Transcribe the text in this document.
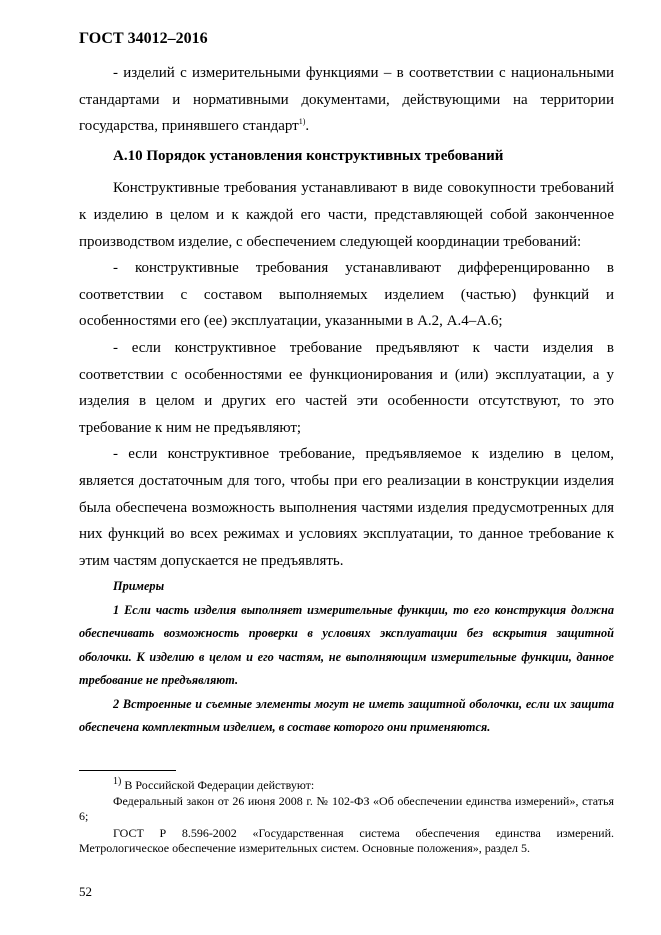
ГОСТ 34012–2016

- изделий с измерительными функциями – в соответствии с национальными стандартами и нормативными документами, действующими на территории государства, принявшего стандарт$^{1)}$.

А.10 Порядок установления конструктивных требований

Конструктивные требования устанавливают в виде совокупности требований к изделию в целом и к каждой его части, представляющей собой законченное производством изделие, с обеспечением следующей координации требований:

- конструктивные требования устанавливают дифференцированно в соответствии с составом выполняемых изделием (частью) функций и особенностями его (ее) эксплуатации, указанными в А.2, А.4–А.6;

- если конструктивное требование предъявляют к части изделия в соответствии с особенностями ее функционирования и (или) эксплуатации, а у изделия в целом и других его частей эти особенности отсутствуют, то это требование к ним не предъявляют;

- если конструктивное требование, предъявляемое к изделию в целом, является достаточным для того, чтобы при его реализации в конструкции изделия была обеспечена возможность выполнения частями изделия предусмотренных для них функций во всех режимах и условиях эксплуатации, то данное требование к этим частям допускается не предъявлять.

Примеры

1 Если часть изделия выполняет измерительные функции, то его конструкция должна обеспечивать возможность проверки в условиях эксплуатации без вскрытия защитной оболочки. К изделию в целом и его частям, не выполняющим измерительные функции, данное требование не предъявляют.

2 Встроенные и съемные элементы могут не иметь защитной оболочки, если их защита обеспечена комплектным изделием, в составе которого они применяются.

$^{1)}$ В Российской Федерации действуют:

Федеральный закон от 26 июня 2008 г. № 102-ФЗ «Об обеспечении единства измерений», статья 6;

ГОСТ Р 8.596-2002 «Государственная система обеспечения единства измерений. Метрологическое обеспечение измерительных систем. Основные положения», раздел 5.

52
